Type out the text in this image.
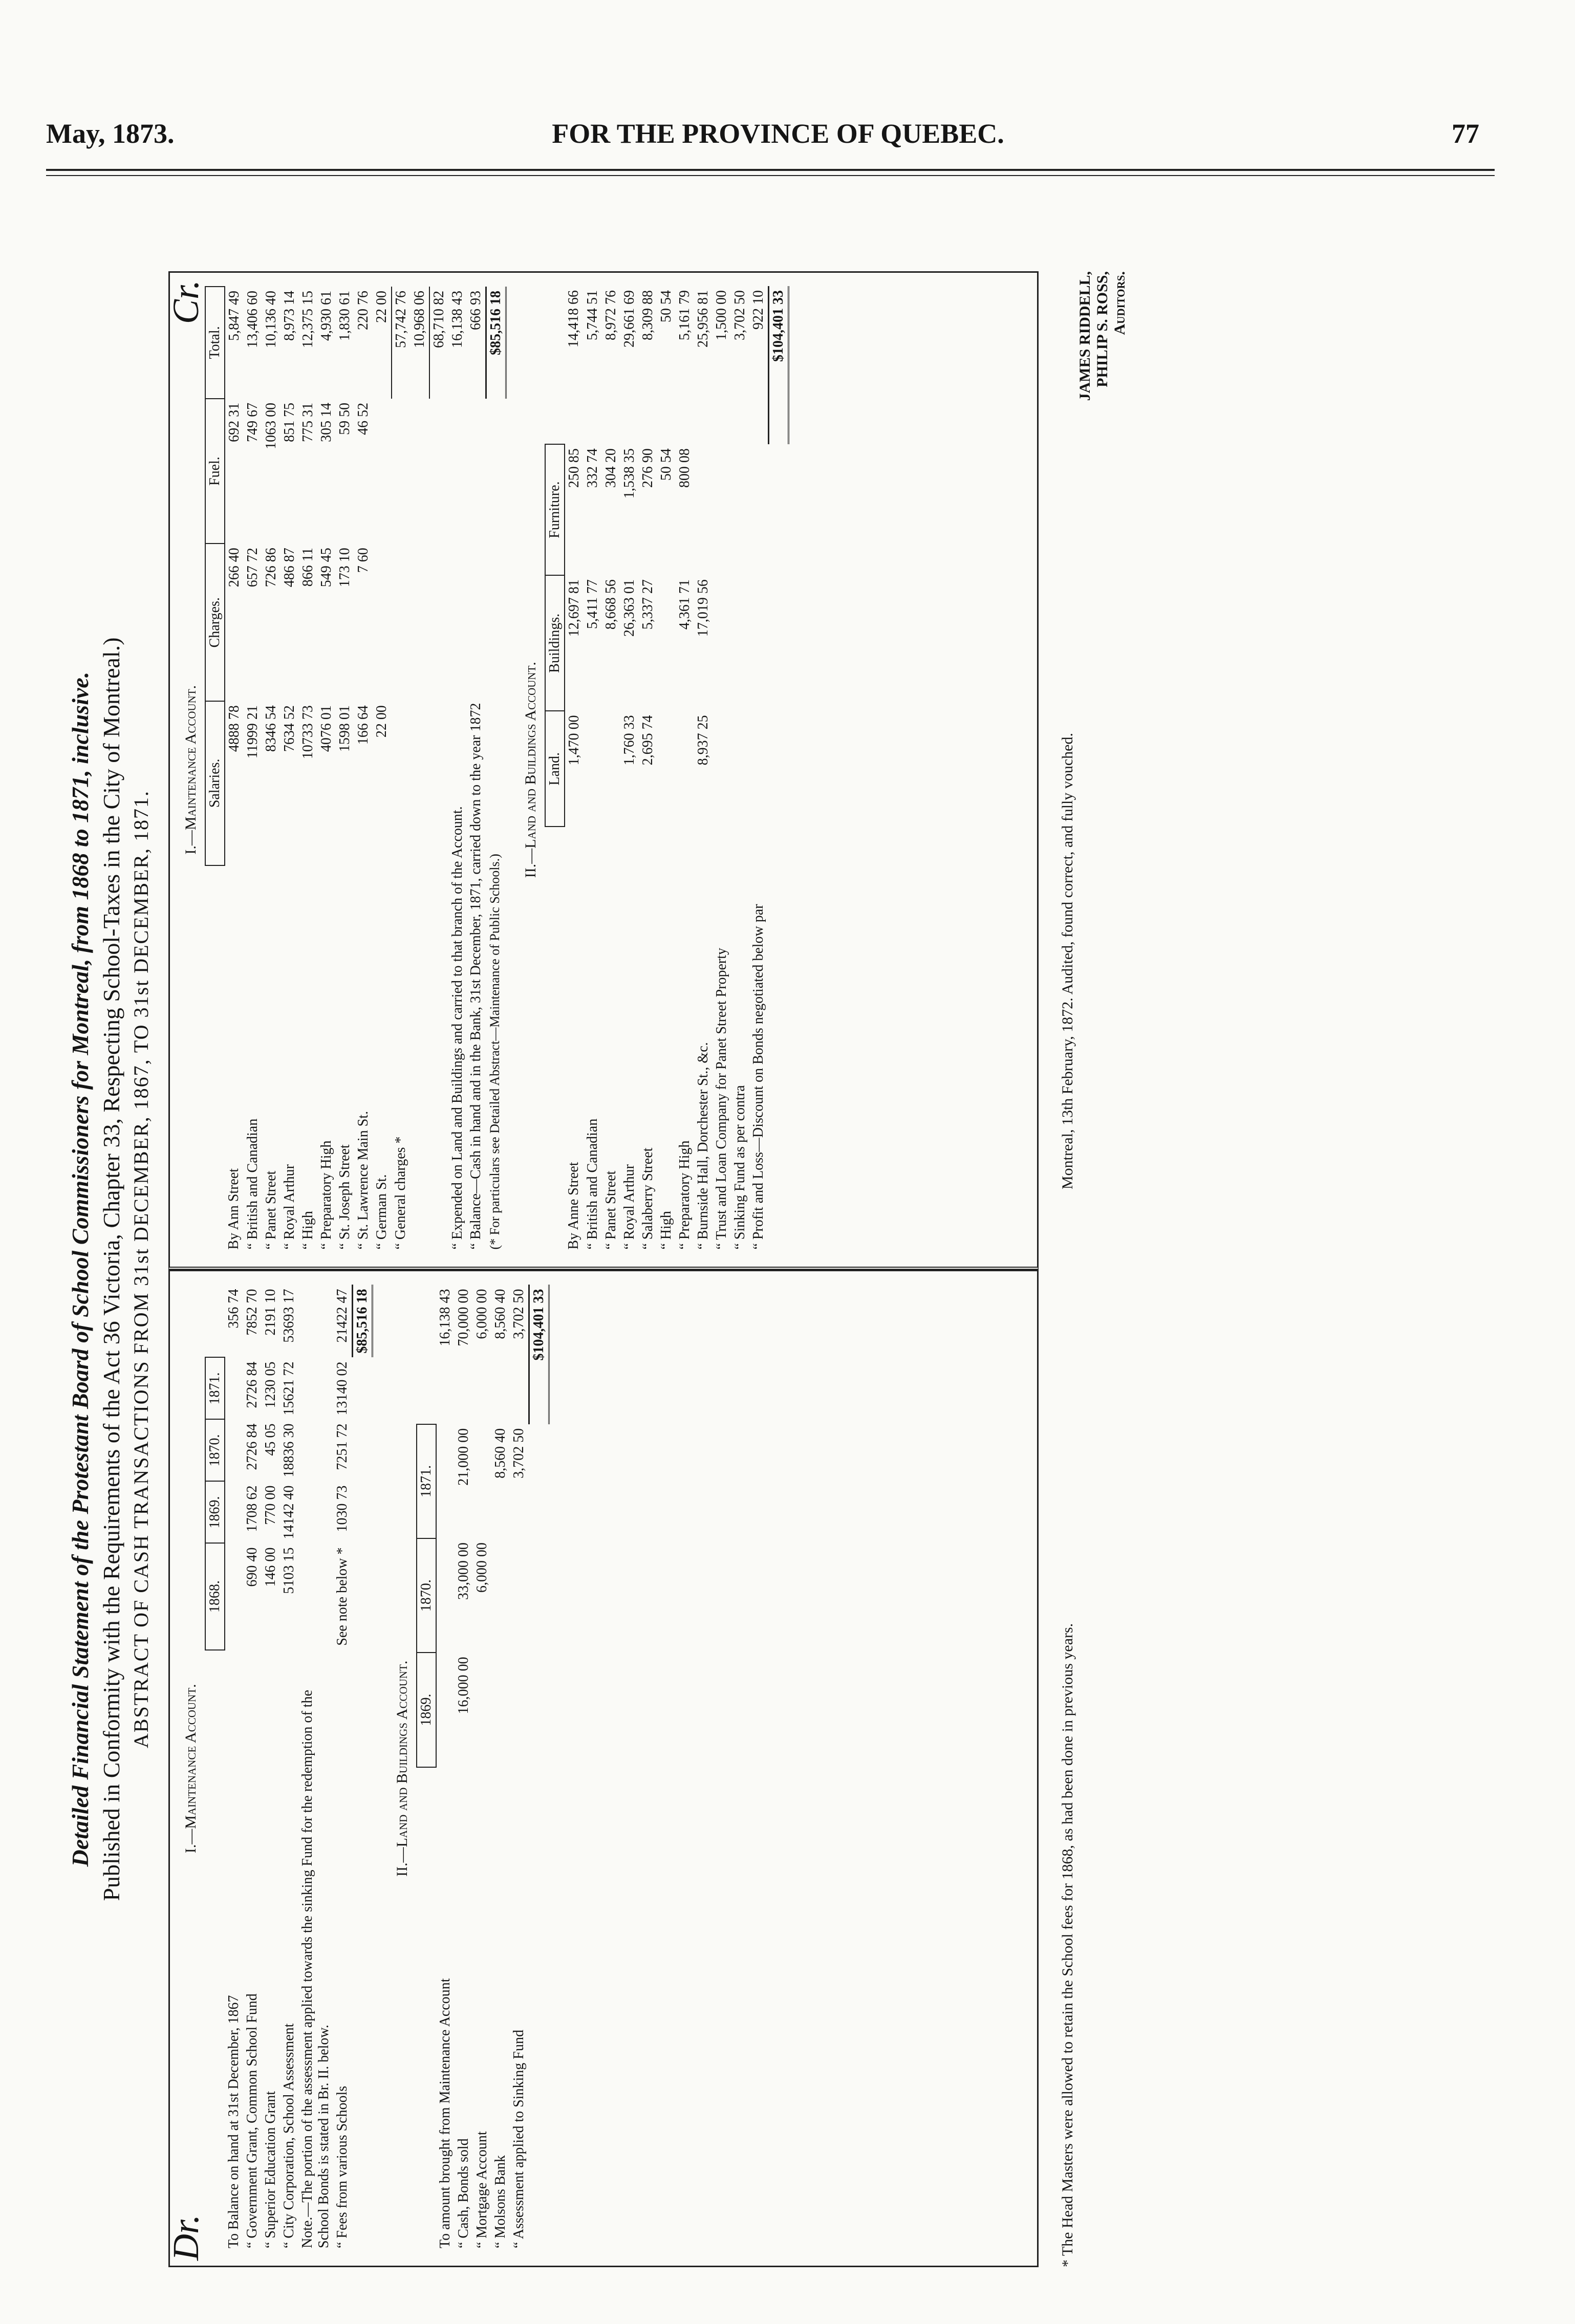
May, 1873.	FOR THE PROVINCE OF QUEBEC.	77
Detailed Financial Statement of the Protestant Board of School Commissioners for Montreal, from 1868 to 1871, inclusive. Published in Conformity with the Requirements of the Act 36 Victoria, Chapter 33, Respecting School-Taxes in the City of Montreal.) ABSTRACT OF CASH TRANSACTIONS FROM 31st DECEMBER, 1867, TO 31st DECEMBER, 1871.
Dr.
I.—Maintenance Account.
	1868.	1869.	1870.	1871.	
To Balance on hand at 31st December, 1867					356 74
“ Government Grant, Common School Fund	690 40	1708 62	2726 84	2726 84	7852 70
“ Superior Education Grant	146 00	770 00	45 05	1230 05	2191 10
“ City Corporation, School Assessment	5103 15	14142 40	18836 30	15621 72	53693 17
Note.—The portion of the assessment applied towards the sinking Fund for the redemption of the School Bonds is stated in Br. II. below.					
“ Fees from various Schools	See note below *	1030 73	7251 72	13140 02	21422 47
					$85,516 18
II.—Land and Buildings Account.
	1869.	1870.	1871.	
To amount brought from Maintenance Account				16,138 43
“ Cash, Bonds sold	16,000 00	33,000 00	21,000 00	70,000 00
“ Mortgage Account		6,000 00		6,000 00
“ Molsons Bank			8,560 40	8,560 40
“ Assessment applied to Sinking Fund			3,702 50	3,702 50
				$104,401 33
Cr.
I.—Maintenance Account.
	Salaries.	Charges.	Fuel.	Total.
By Ann Street	4888 78	266 40	692 31	5,847 49
“ British and Canadian	11999 21	657 72	749 67	13,406 60
“ Panet Street	8346 54	726 86	1063 00	10,136 40
“ Royal Arthur	7634 52	486 87	851 75	8,973 14
“ High	10733 73	866 11	775 31	12,375 15
“ Preparatory High	4076 01	549 45	305 14	4,930 61
“ St. Joseph Street	1598 01	173 10	59 50	1,830 61
“ St. Lawrence Main St.	166 64	7 60	46 52	220 76
“ German St.	22 00			22 00
“ General charges *				57,742 76
				10,968 06
				68,710 82
“ Expended on Land and Buildings and carried to that branch of the Account.				16,138 43
“ Balance—Cash in hand and in the Bank, 31st December, 1871, carried down to the year 1872				666 93
(* For particulars see Detailed Abstract—Maintenance of Public Schools.)				$85,516 18
II.—Land and Buildings Account.
	Land.	Buildings.	Furniture.	
By Anne Street	1,470 00	12,697 81	250 85	14,418 66
“ British and Canadian		5,411 77	332 74	5,744 51
“ Panet Street		8,668 56	304 20	8,972 76
“ Royal Arthur	1,760 33	26,363 01	1,538 35	29,661 69
“ Salaberry Street	2,695 74	5,337 27	276 90	8,309 88
“ High			50 54	50 54
“ Preparatory High		4,361 71	800 08	5,161 79
“ Burnside Hall, Dorchester St., &c.	8,937 25	17,019 56		25,956 81
“ Trust and Loan Company for Panet Street Property				1,500 00
“ Sinking Fund as per contra				3,702 50
“ Profit and Loss—Discount on Bonds negotiated below par				922 10
				$104,401 33
* The Head Masters were allowed to retain the School fees for 1868, as had been done in previous years.
Montreal, 13th February, 1872. Audited, found correct, and fully vouched.
JAMES RIDDELL, PHILIP S. ROSS, Auditors.
